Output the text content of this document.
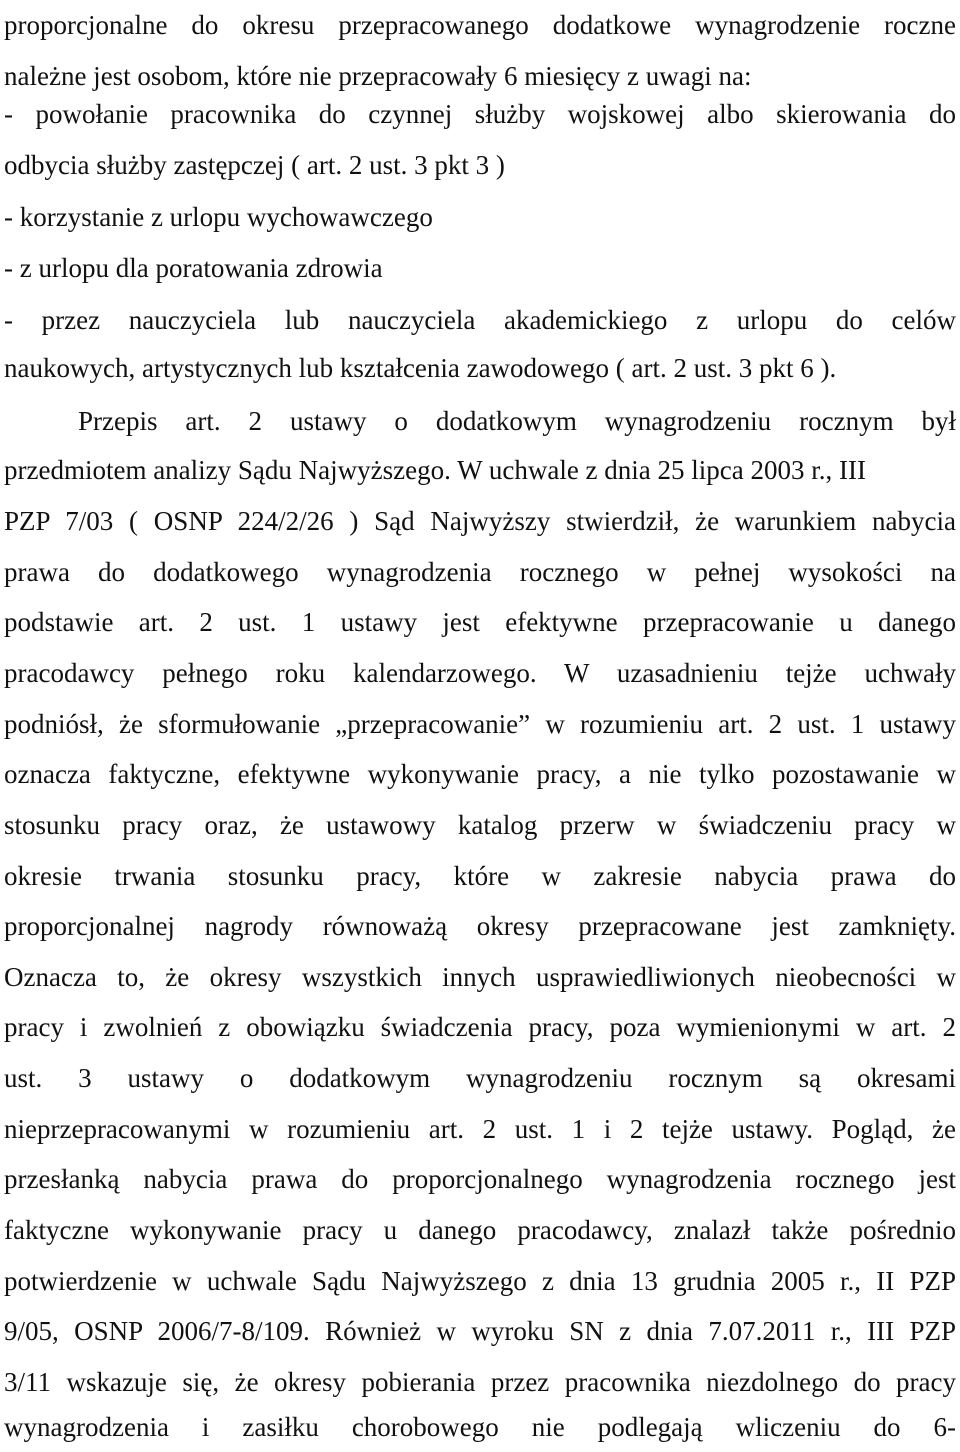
proporcjonalne do okresu przepracowanego dodatkowe wynagrodzenie roczne
należne jest osobom, które nie przepracowały 6 miesięcy z uwagi na:
- powołanie pracownika do czynnej służby wojskowej albo skierowania do
odbycia służby zastępczej ( art. 2 ust. 3 pkt 3 )
- korzystanie z urlopu wychowawczego
- z urlopu dla poratowania zdrowia
- przez nauczyciela lub nauczyciela akademickiego z urlopu do celów
naukowych, artystycznych lub kształcenia zawodowego ( art. 2 ust. 3 pkt 6 ).
Przepis art. 2 ustawy o dodatkowym wynagrodzeniu rocznym był
przedmiotem analizy Sądu Najwyższego. W uchwale z dnia 25 lipca 2003 r., III
PZP 7/03 ( OSNP 224/2/26 ) Sąd Najwyższy stwierdził, że warunkiem nabycia
prawa do dodatkowego wynagrodzenia rocznego w pełnej wysokości na
podstawie art. 2 ust. 1 ustawy jest efektywne przepracowanie u danego
pracodawcy pełnego roku kalendarzowego. W uzasadnieniu tejże uchwały
podniósł, że sformułowanie „przepracowanie” w rozumieniu art. 2 ust. 1 ustawy
oznacza faktyczne, efektywne wykonywanie pracy, a nie tylko pozostawanie w
stosunku pracy oraz, że ustawowy katalog przerw w świadczeniu pracy w
okresie trwania stosunku pracy, które w zakresie nabycia prawa do
proporcjonalnej nagrody równoważą okresy przepracowane jest zamknięty.
Oznacza to, że okresy wszystkich innych usprawiedliwionych nieobecności w
pracy i zwolnień z obowiązku świadczenia pracy, poza wymienionymi w art. 2
ust. 3 ustawy o dodatkowym wynagrodzeniu rocznym są okresami
nieprzepracowanymi w rozumieniu art. 2 ust. 1 i 2 tejże ustawy. Pogląd, że
przesłanką nabycia prawa do proporcjonalnego wynagrodzenia rocznego jest
faktyczne wykonywanie pracy u danego pracodawcy, znalazł także pośrednio
potwierdzenie w uchwale Sądu Najwyższego z dnia 13 grudnia 2005 r., II PZP
9/05, OSNP 2006/7-8/109. Również w wyroku SN z dnia 7.07.2011 r., III PZP
3/11 wskazuje się, że okresy pobierania przez pracownika niezdolnego do pracy
wynagrodzenia i zasiłku chorobowego nie podlegają wliczeniu do 6-
